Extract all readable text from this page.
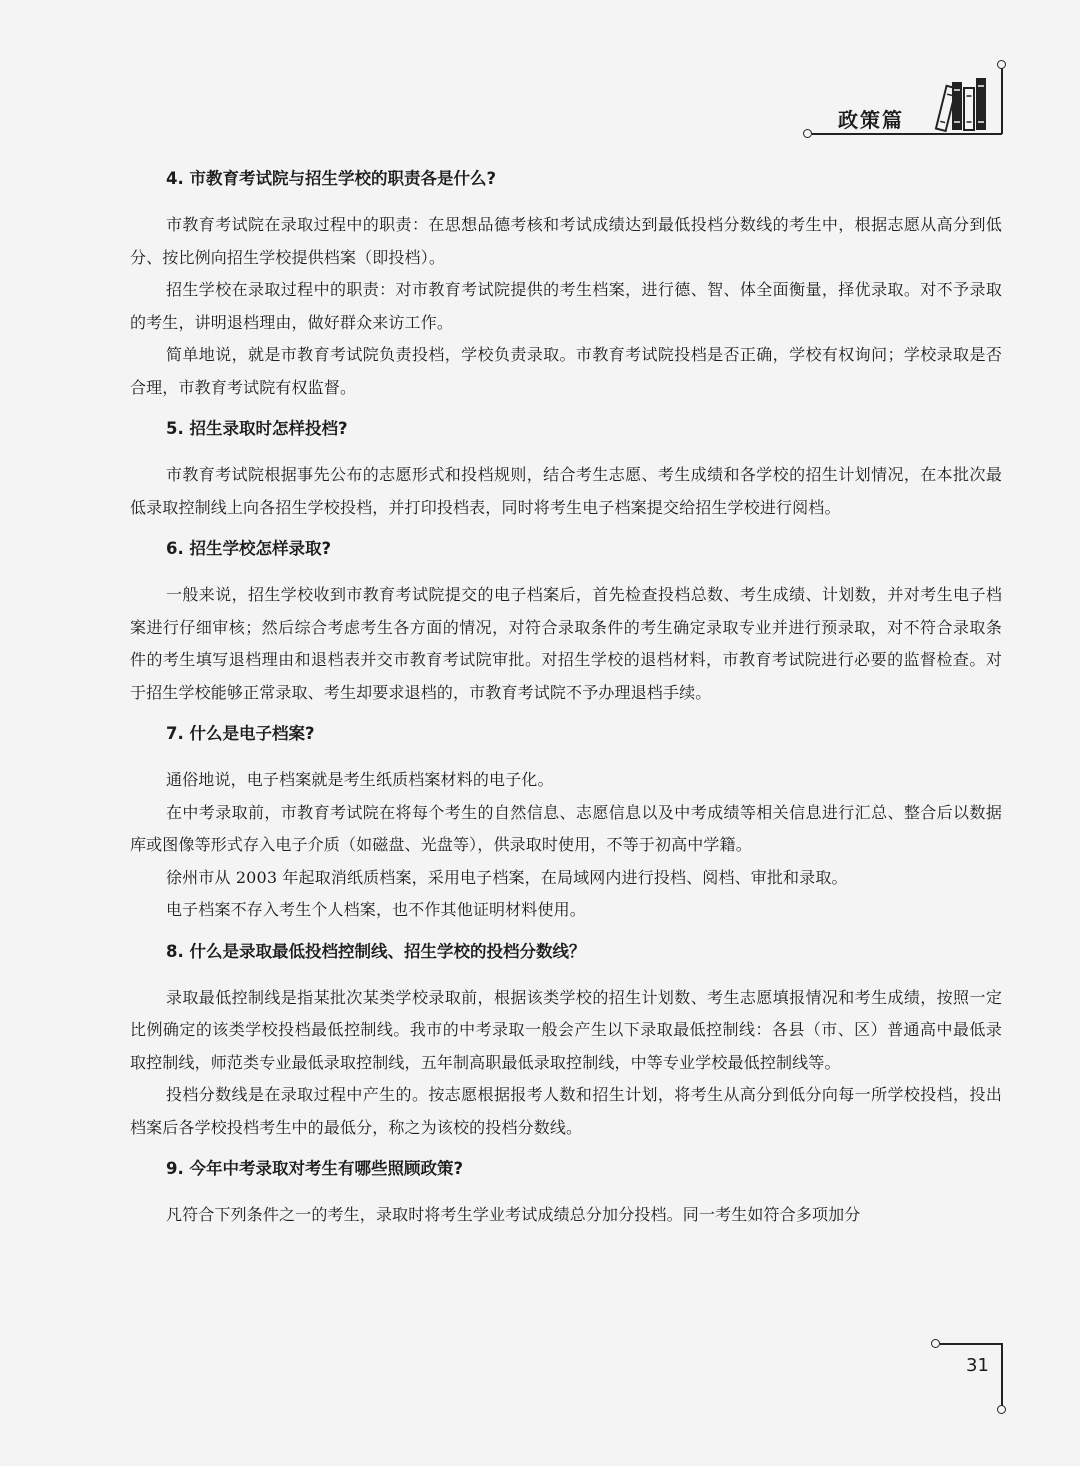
政策篇
4. 市教育考试院与招生学校的职责各是什么?

市教育考试院在录取过程中的职责：在思想品德考核和考试成绩达到最低投档分数线的考生中，根据志愿从高分到低分、按比例向招生学校提供档案（即投档）。

招生学校在录取过程中的职责：对市教育考试院提供的考生档案，进行德、智、体全面衡量，择优录取。对不予录取的考生，讲明退档理由，做好群众来访工作。

简单地说，就是市教育考试院负责投档，学校负责录取。市教育考试院投档是否正确，学校有权询问；学校录取是否合理，市教育考试院有权监督。

5. 招生录取时怎样投档?

市教育考试院根据事先公布的志愿形式和投档规则，结合考生志愿、考生成绩和各学校的招生计划情况，在本批次最低录取控制线上向各招生学校投档，并打印投档表，同时将考生电子档案提交给招生学校进行阅档。

6. 招生学校怎样录取?

一般来说，招生学校收到市教育考试院提交的电子档案后，首先检查投档总数、考生成绩、计划数，并对考生电子档案进行仔细审核；然后综合考虑考生各方面的情况，对符合录取条件的考生确定录取专业并进行预录取，对不符合录取条件的考生填写退档理由和退档表并交市教育考试院审批。对招生学校的退档材料，市教育考试院进行必要的监督检查。对于招生学校能够正常录取、考生却要求退档的，市教育考试院不予办理退档手续。

7. 什么是电子档案?

通俗地说，电子档案就是考生纸质档案材料的电子化。

在中考录取前，市教育考试院在将每个考生的自然信息、志愿信息以及中考成绩等相关信息进行汇总、整合后以数据库或图像等形式存入电子介质（如磁盘、光盘等），供录取时使用，不等于初高中学籍。

徐州市从 2003 年起取消纸质档案，采用电子档案，在局域网内进行投档、阅档、审批和录取。

电子档案不存入考生个人档案，也不作其他证明材料使用。

8. 什么是录取最低投档控制线、招生学校的投档分数线？

录取最低控制线是指某批次某类学校录取前，根据该类学校的招生计划数、考生志愿填报情况和考生成绩，按照一定比例确定的该类学校投档最低控制线。我市的中考录取一般会产生以下录取最低控制线：各县（市、区）普通高中最低录取控制线，师范类专业最低录取控制线，五年制高职最低录取控制线，中等专业学校最低控制线等。

投档分数线是在录取过程中产生的。按志愿根据报考人数和招生计划，将考生从高分到低分向每一所学校投档，投出档案后各学校投档考生中的最低分，称之为该校的投档分数线。

9. 今年中考录取对考生有哪些照顾政策?

凡符合下列条件之一的考生，录取时将考生学业考试成绩总分加分投档。同一考生如符合多项加分

31
